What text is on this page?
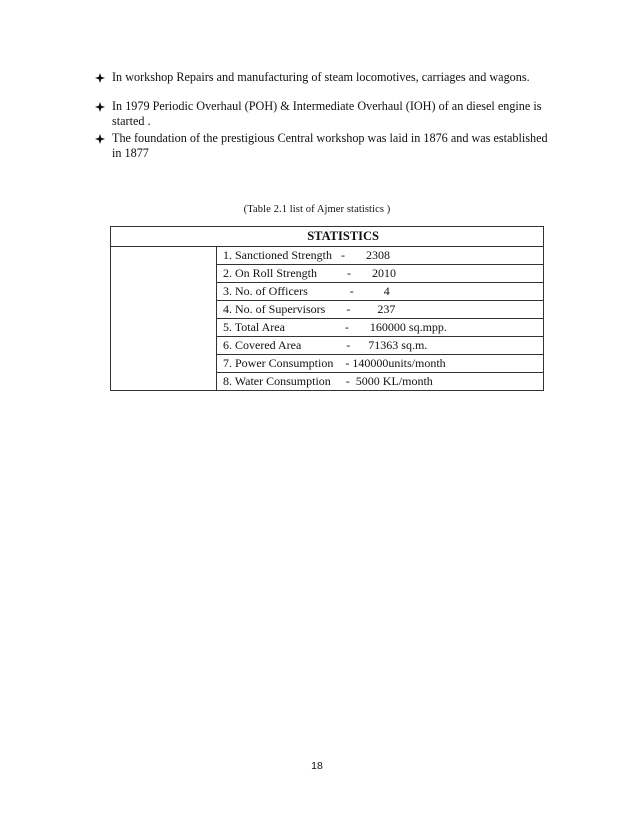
In workshop Repairs and manufacturing of steam locomotives, carriages and wagons.
In 1979 Periodic Overhaul (POH) & Intermediate Overhaul (IOH) of an diesel engine is started .
The foundation of the prestigious Central workshop was laid in 1876 and was established in 1877
(Table 2.1 list of Ajmer statistics )
STATISTICS	
	1. Sanctioned Strength   -       2308
	2. On Roll Strength          -       2010
	3. No. of Officers              -          4
	4. No. of Supervisors       -         237
	5. Total Area                    -       160000 sq.mpp.
	6. Covered Area               -      71363 sq.m.
	7. Power Consumption    - 140000units/month
	8. Water Consumption     -  5000 KL/month
18
